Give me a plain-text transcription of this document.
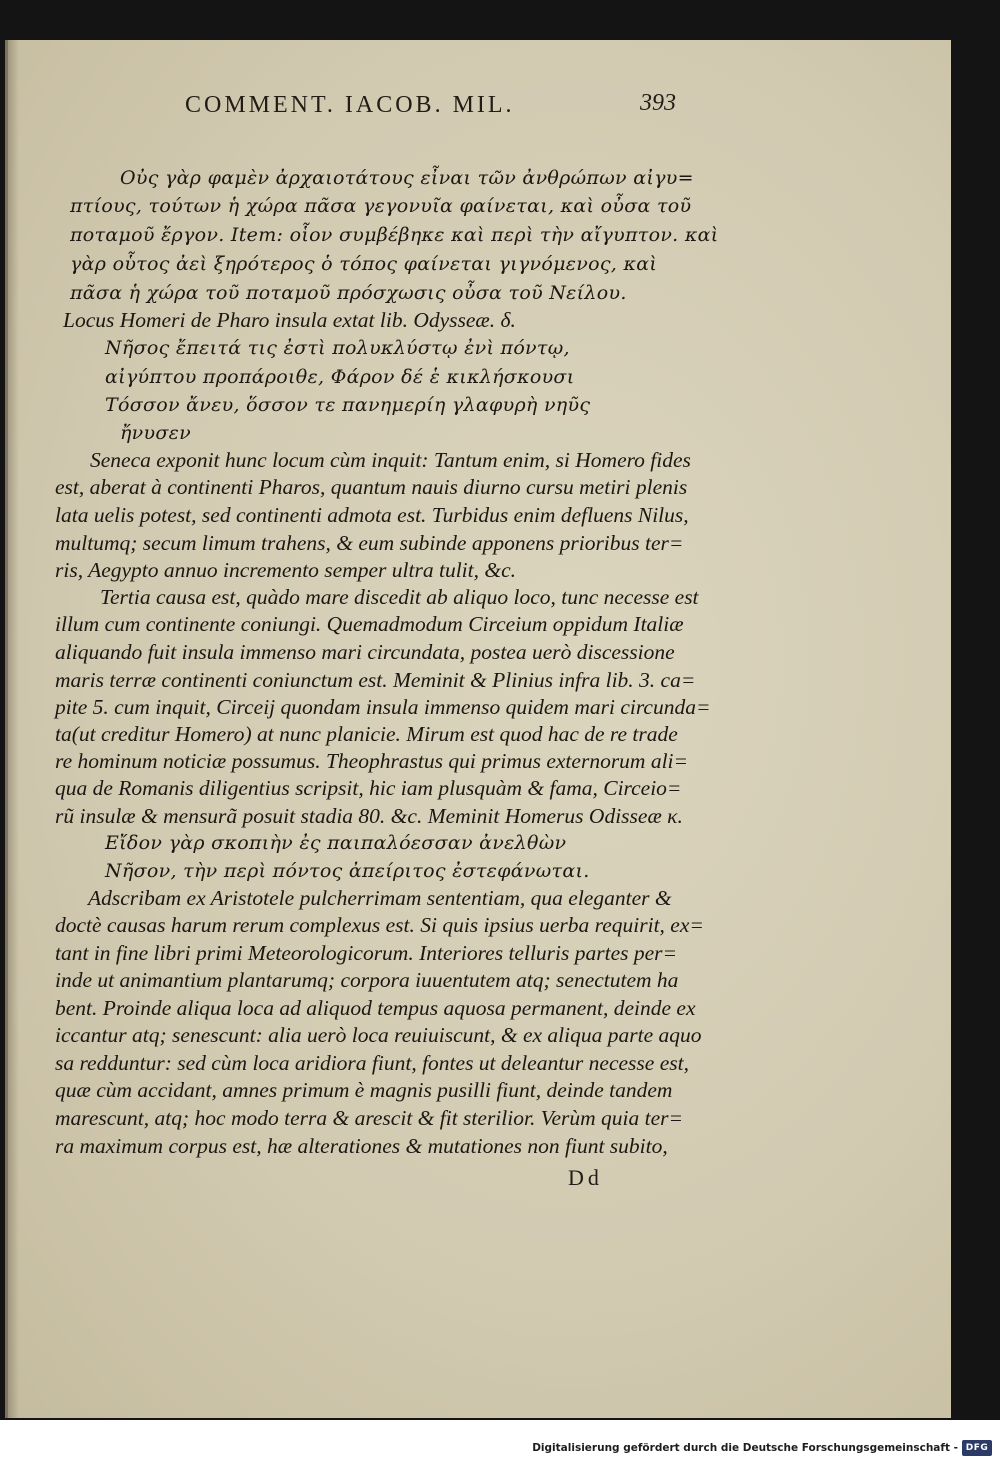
COMMENT. IACOB. MIL.	393
Οὐς γὰρ φαμὲν ἀρχαιοτάτους εἶναι τῶν ἀνθρώπων αἰγυ=
πτίους, τούτων ἡ χώρα πᾶσα γεγονυῖα φαίνεται, καὶ οὖσα τοῦ
ποταμοῦ ἔργον. Item: οἷον συμβέβηκε καὶ περὶ τὴν αἴγυπτον. καὶ
γὰρ οὗτος ἀεὶ ξηρότερος ὁ τόπος φαίνεται γιγνόμενος, καὶ
πᾶσα ἡ χώρα τοῦ ποταμοῦ πρόσχωσις οὖσα τοῦ Νείλου.
Locus Homeri de Pharo insula extat lib. Odysseæ. δ.
Νῆσος ἔπειτά τις ἐστὶ πολυκλύστῳ ἐνὶ πόντῳ,
αἰγύπτου προπάροιθε, Φάρον δέ ἑ κικλήσκουσι
Τόσσον ἄνευ, ὅσσον τε πανημερίη γλαφυρὴ νηῦς
ἤνυσεν
Seneca exponit hunc locum cùm inquit: Tantum enim, si Homero fides
est, aberat à continenti Pharos, quantum nauis diurno cursu metiri plenis
lata uelis potest, sed continenti admota est. Turbidus enim defluens Nilus,
multumq; secum limum trahens, & eum subinde apponens prioribus ter=
ris, Aegypto annuo incremento semper ultra tulit, &c.
Tertia causa est, quàdo mare discedit ab aliquo loco, tunc necesse est
illum cum continente coniungi. Quemadmodum Circeium oppidum Italiæ
aliquando fuit insula immenso mari circundata, postea uerò discessione
maris terræ continenti coniunctum est. Meminit & Plinius infra lib. 3. ca=
pite 5. cum inquit, Circeij quondam insula immenso quidem mari circunda=
ta(ut creditur Homero) at nunc planicie. Mirum est quod hac de re trade
re hominum noticiæ possumus. Theophrastus qui primus externorum ali=
qua de Romanis diligentius scripsit, hic iam plusquàm & fama, Circeio=
rũ insulæ & mensurã posuit stadia 80. &c. Meminit Homerus Odisseæ κ.
Εἴδον γὰρ σκοπιὴν ἐς παιπαλόεσσαν ἀνελθὼν
Νῆσον, τὴν περὶ πόντος ἀπείριτος ἐστεφάνωται.
Adscribam ex Aristotele pulcherrimam sententiam, qua eleganter &
doctè causas harum rerum complexus est. Si quis ipsius uerba requirit, ex=
tant in fine libri primi Meteorologicorum. Interiores telluris partes per=
inde ut animantium plantarumq; corpora iuuentutem atq; senectutem ha
bent. Proinde aliqua loca ad aliquod tempus aquosa permanent, deinde ex
iccantur atq; senescunt: alia uerò loca reuiuiscunt, & ex aliqua parte aquo
sa redduntur: sed cùm loca aridiora fiunt, fontes ut deleantur necesse est,
quæ cùm accidant, amnes primum è magnis pusilli fiunt, deinde tandem
marescunt, atq; hoc modo terra & arescit & fit sterilior. Verùm quia ter=
ra maximum corpus est, hæ alterationes & mutationes non fiunt subito,
Dd
Digitalisierung gefördert durch die Deutsche Forschungsgemeinschaft - DFG
